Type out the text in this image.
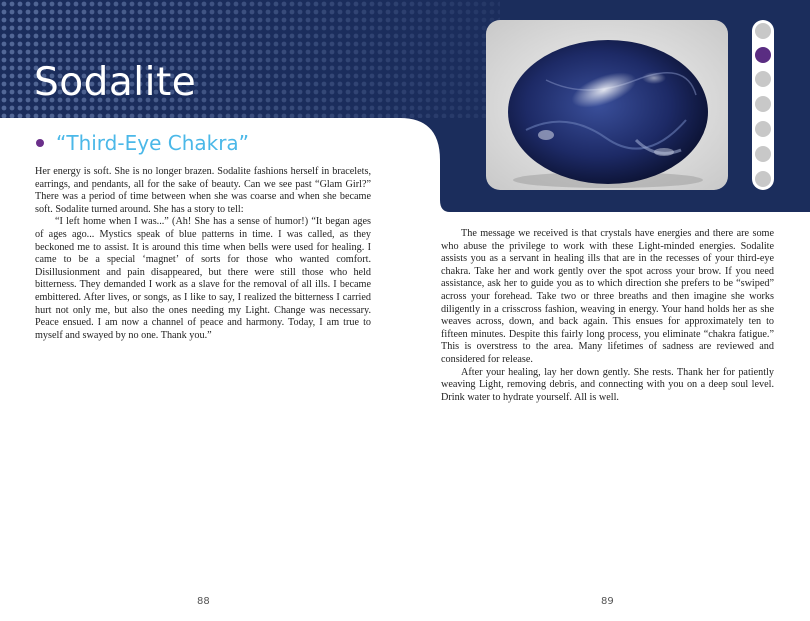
Sodalite
“Third-Eye Chakra”

Her energy is soft. She is no longer brazen. Sodalite fashions herself in bracelets, earrings, and pendants, all for the sake of beauty. Can we see past “Glam Girl?” There was a period of time between when she was coarse and when she became soft. Sodalite turned around. She has a story to tell:

“I left home when I was...” (Ah! She has a sense of humor!) “It began ages of ages ago... Mystics speak of blue patterns in time. I was called, as they beckoned me to assist. It is around this time when bells were used for healing. I came to be a special ‘magnet’ of sorts for those who wanted comfort. Disillusionment and pain disappeared, but there were still those who held bitterness. They demanded I work as a slave for the removal of all ills. I became embittered. After lives, or songs, as I like to say, I realized the bitterness I carried hurt not only me, but also the ones needing my Light. Change was necessary. Peace ensued. I am now a channel of peace and harmony. Today, I am true to myself and swayed by no one. Thank you.”

The message we received is that crystals have energies and there are some who abuse the privilege to work with these Light-minded energies. Sodalite assists you as a servant in healing ills that are in the recesses of your third-eye chakra. Take her and work gently over the spot across your brow. If you need assistance, ask her to guide you as to which direction she prefers to be “swiped” across your forehead. Take two or three breaths and then imagine she works diligently in a crisscross fashion, weaving in energy. Your hand holds her as she weaves across, down, and back again. This ensues for approximately ten to fifteen minutes. Despite this fairly long process, you eliminate “chakra fatigue.” This is overstress to the area. Many lifetimes of sadness are reviewed and considered for release.

After your healing, lay her down gently. She rests. Thank her for patiently weaving Light, removing debris, and connecting with you on a deep soul level. Drink water to hydrate yourself. All is well.

88	89
